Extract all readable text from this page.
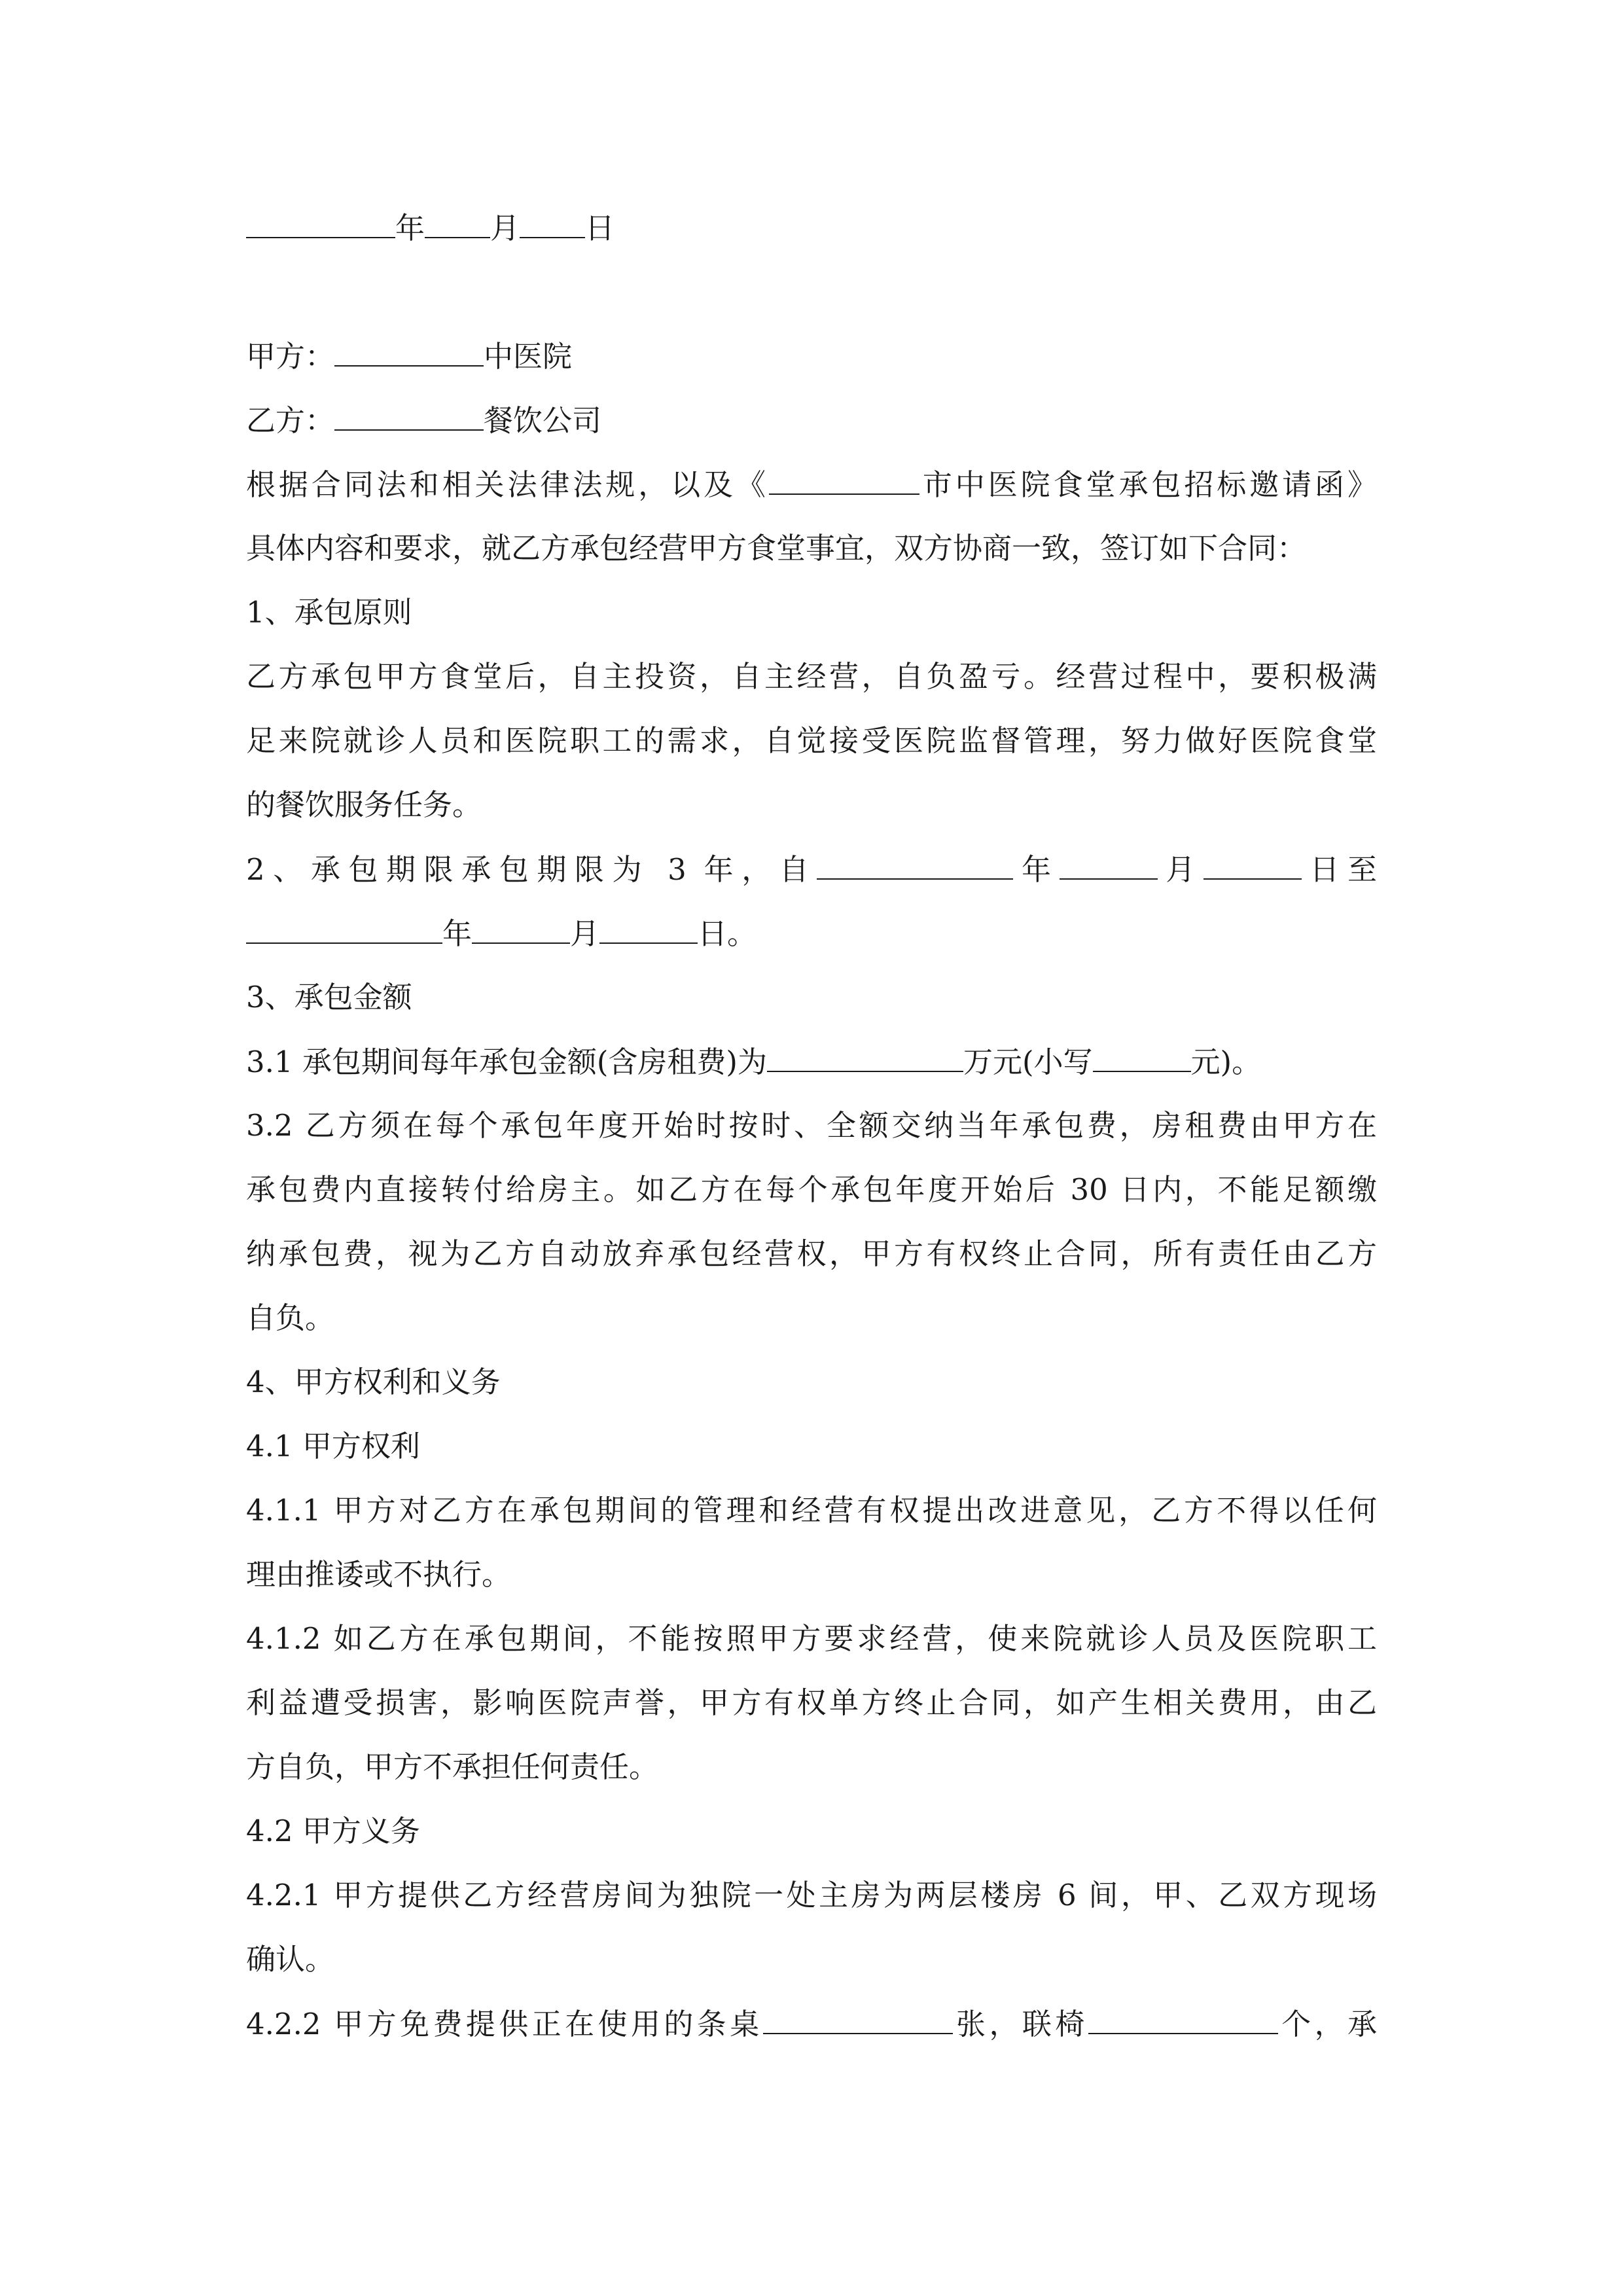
年 月 日
甲方：	中医院
乙方：	餐饮公司
根据合同法和相关法律法规，以及《	市中医院食堂承包招标邀请函》
具体内容和要求，就乙方承包经营甲方食堂事宜，双方协商一致，签订如下合同：
1、承包原则
乙方承包甲方食堂后，自主投资，自主经营，自负盈亏。经营过程中，要积极满
足来院就诊人员和医院职工的需求，自觉接受医院监督管理，努力做好医院食堂
的餐饮服务任务。
2、承包期限承包期限为 3 年，自	年	月	日至
年	月	日。
3、承包金额
3.1 承包期间每年承包金额(含房租费)为	万元(小写	元)。
3.2 乙方须在每个承包年度开始时按时、全额交纳当年承包费，房租费由甲方在
承包费内直接转付给房主。如乙方在每个承包年度开始后 30 日内，不能足额缴
纳承包费，视为乙方自动放弃承包经营权，甲方有权终止合同，所有责任由乙方
自负。
4、甲方权利和义务
4.1 甲方权利
4.1.1 甲方对乙方在承包期间的管理和经营有权提出改进意见，乙方不得以任何
理由推诿或不执行。
4.1.2 如乙方在承包期间，不能按照甲方要求经营，使来院就诊人员及医院职工
利益遭受损害，影响医院声誉，甲方有权单方终止合同，如产生相关费用，由乙
方自负，甲方不承担任何责任。
4.2 甲方义务
4.2.1 甲方提供乙方经营房间为独院一处主房为两层楼房 6 间，甲、乙双方现场
确认。
4.2.2 甲方免费提供正在使用的条桌	张，联椅	个，承
